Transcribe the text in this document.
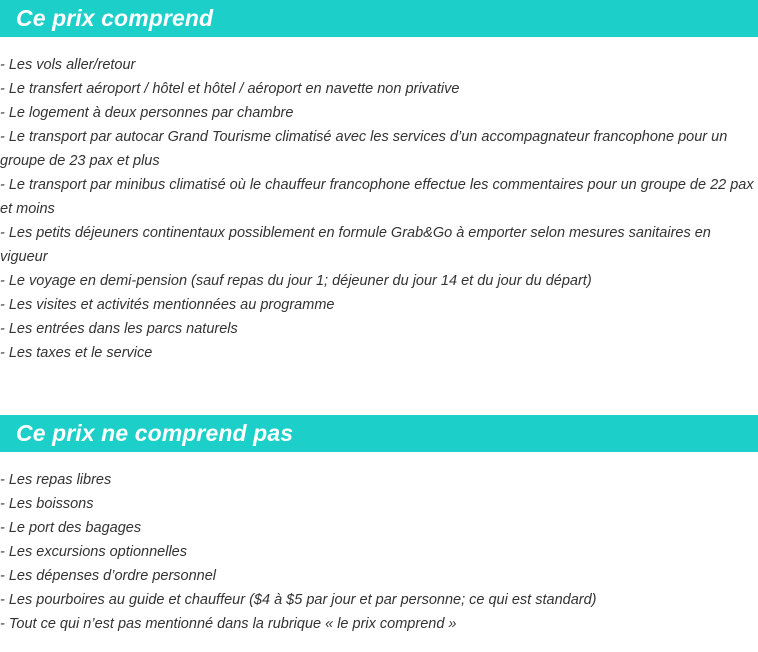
Ce prix comprend
- Les vols aller/retour
- Le transfert aéroport / hôtel et hôtel / aéroport en navette non privative
- Le logement à deux personnes par chambre
- Le transport par autocar Grand Tourisme climatisé avec les services d’un accompagnateur francophone pour un groupe de 23 pax et plus
- Le transport par minibus climatisé où le chauffeur francophone effectue les commentaires pour un groupe de 22 pax et moins
- Les petits déjeuners continentaux possiblement en formule Grab&Go à emporter selon mesures sanitaires en vigueur
- Le voyage en demi-pension (sauf repas du jour 1; déjeuner du jour 14 et du jour du départ)
- Les visites et activités mentionnées au programme
- Les entrées dans les parcs naturels
- Les taxes et le service
Ce prix ne comprend pas
- Les repas libres
- Les boissons
- Le port des bagages
- Les excursions optionnelles
- Les dépenses d’ordre personnel
- Les pourboires au guide et chauffeur ($4 à $5 par jour et par personne; ce qui est standard)
- Tout ce qui n’est pas mentionné dans la rubrique « le prix comprend »
